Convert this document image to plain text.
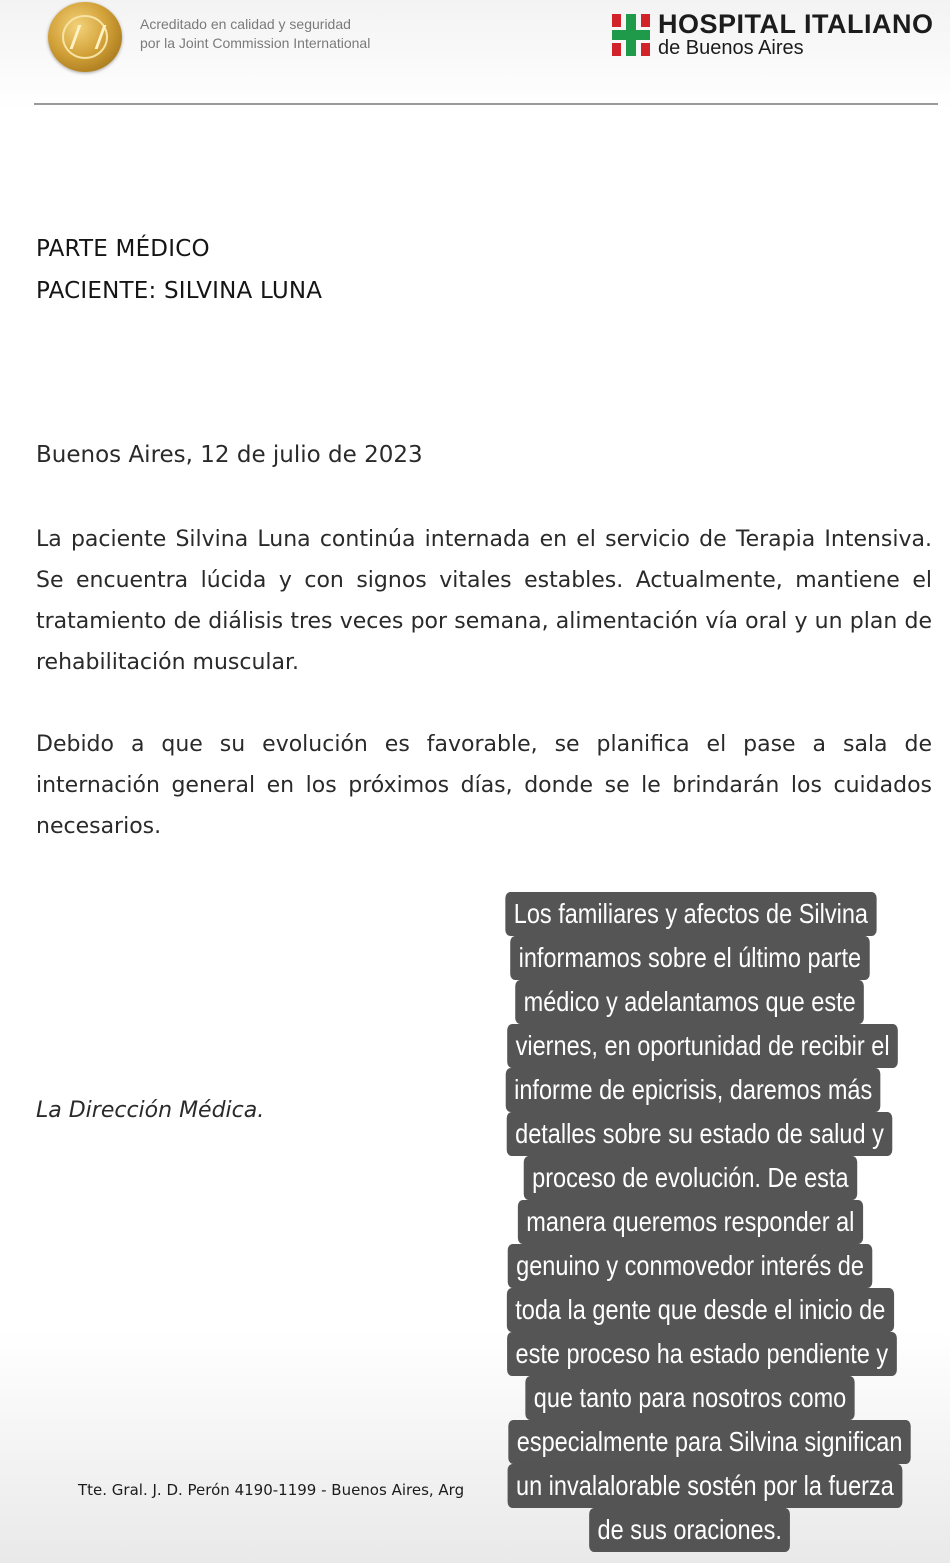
Acreditado en calidad y seguridad
por la Joint Commission International
HOSPITAL ITALIANO
de Buenos Aires
PARTE MÉDICO
PACIENTE: SILVINA LUNA
Buenos Aires, 12 de julio de 2023

La paciente Silvina Luna continúa internada en el servicio de Terapia Intensiva. Se encuentra lúcida y con signos vitales estables. Actualmente, mantiene el tratamiento de diálisis tres veces por semana, alimentación vía oral y un plan de rehabilitación muscular.

Debido a que su evolución es favorable, se planifica el pase a sala de internación general en los próximos días, donde se le brindarán los cuidados necesarios.

La Dirección Médica.
Tte. Gral. J. D. Perón 4190-1199 - Buenos Aires, Arg
Los familiares y afectos de Silvina
informamos sobre el último parte
médico y adelantamos que este
viernes, en oportunidad de recibir el
informe de epicrisis, daremos más
detalles sobre su estado de salud y
proceso de evolución. De esta
manera queremos responder al
genuino y conmovedor interés de
toda la gente que desde el inicio de
este proceso ha estado pendiente y
que tanto para nosotros como
especialmente para Silvina significan
un invalalorable sostén por la fuerza
de sus oraciones.
